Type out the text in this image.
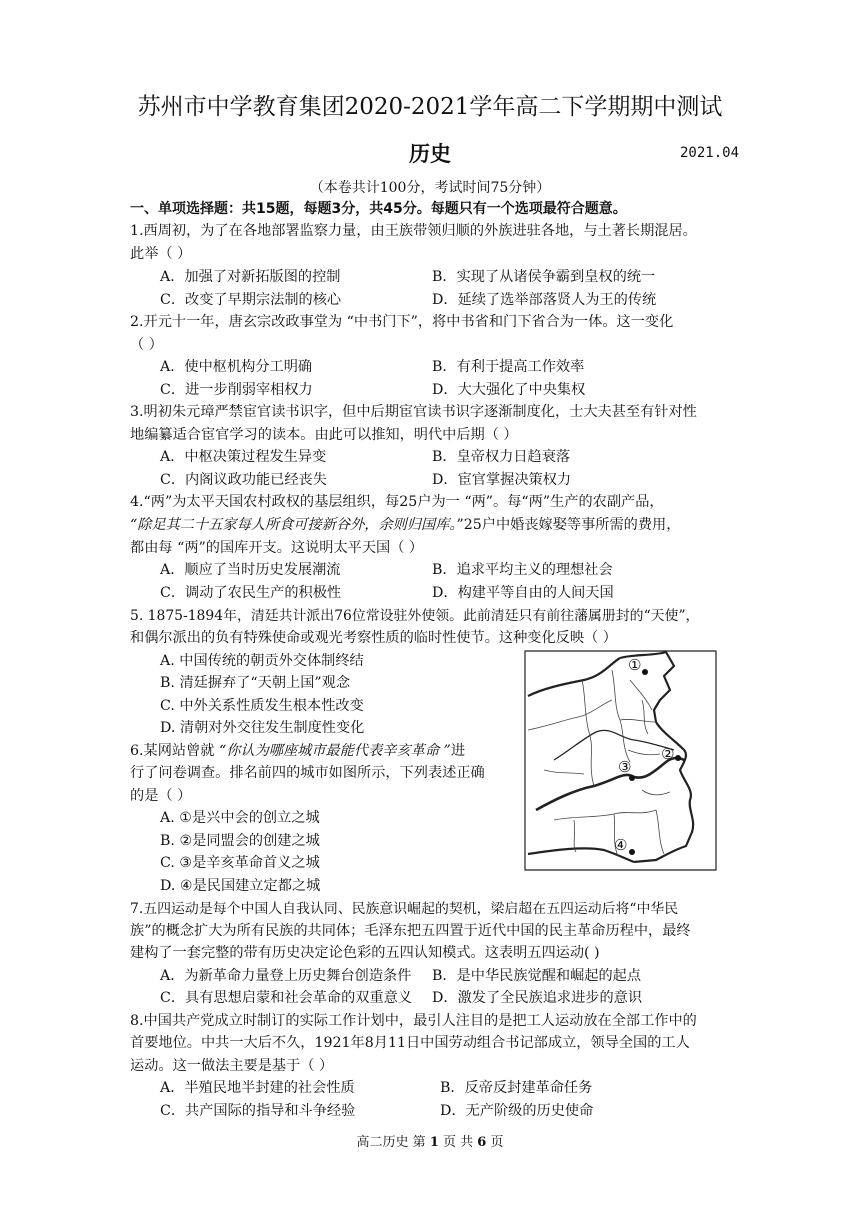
苏州市中学教育集团2020-2021学年高二下学期期中测试
历史	2021.04
（本卷共计100分，考试时间75分钟）
一、单项选择题：共15题，每题3分，共45分。每题只有一个选项最符合题意。
1.西周初，为了在各地部署监察力量，由王族带领归顺的外族进驻各地，与土著长期混居。
此举（ ）
A．加强了对新拓版图的控制	B．实现了从诸侯争霸到皇权的统一
C．改变了早期宗法制的核心	D．延续了选举部落贤人为王的传统
2.开元十一年，唐玄宗改政事堂为 “中书门下”，将中书省和门下省合为一体。这一变化
（ ）
A．使中枢机构分工明确	B．有利于提高工作效率
C．进一步削弱宰相权力	D．大大强化了中央集权
3.明初朱元璋严禁宦官读书识字，但中后期宦官读书识字逐渐制度化，士大夫甚至有针对性
地编纂适合宦官学习的读本。由此可以推知，明代中后期（ ）
A．中枢决策过程发生异变	B．皇帝权力日趋衰落
C．内阁议政功能已经丧失	D．宦官掌握决策权力
4.“两”为太平天国农村政权的基层组织，每25户为一 “两”。每“两”生产的农副产品，
“除足其二十五家每人所食可接新谷外，余则归国库。”25户中婚丧嫁娶等事所需的费用，
都由每 “两”的国库开支。这说明太平天国（ ）
A．顺应了当时历史发展潮流	B．追求平均主义的理想社会
C．调动了农民生产的积极性	D．构建平等自由的人间天国
5. 1875-1894年，清廷共计派出76位常设驻外使领。此前清廷只有前往藩属册封的“天使”，
和偶尔派出的负有特殊使命或观光考察性质的临时性使节。这种变化反映（ ）
A. 中国传统的朝贡外交体制终结
B. 清廷摒弃了“天朝上国”观念
C. 中外关系性质发生根本性改变
D. 清朝对外交往发生制度性变化
6.某网站曾就 “你认为哪座城市最能代表辛亥革命 ”进
行了问卷调查。排名前四的城市如图所示，下列表述正确
的是（ ）
A. ①是兴中会的创立之城
B. ②是同盟会的创建之城
C. ③是辛亥革命首义之城
D. ④是民国建立定都之城
①
②
③
④
7.五四运动是每个中国人自我认同、民族意识崛起的契机，梁启超在五四运动后将“中华民
族”的概念扩大为所有民族的共同体；毛泽东把五四置于近代中国的民主革命历程中，最终
建构了一套完整的带有历史决定论色彩的五四认知模式。这表明五四运动( )
A．为新革命力量登上历史舞台创造条件 B．是中华民族觉醒和崛起的起点
C．具有思想启蒙和社会革命的双重意义 D．激发了全民族追求进步的意识
8.中国共产党成立时制订的实际工作计划中，最引人注目的是把工人运动放在全部工作中的
首要地位。中共一大后不久，1921年8月11日中国劳动组合书记部成立，领导全国的工人
运动。这一做法主要是基于（ ）
A．半殖民地半封建的社会性质	B．反帝反封建革命任务
C．共产国际的指导和斗争经验	D．无产阶级的历史使命
高二历史 第 1 页 共 6 页
